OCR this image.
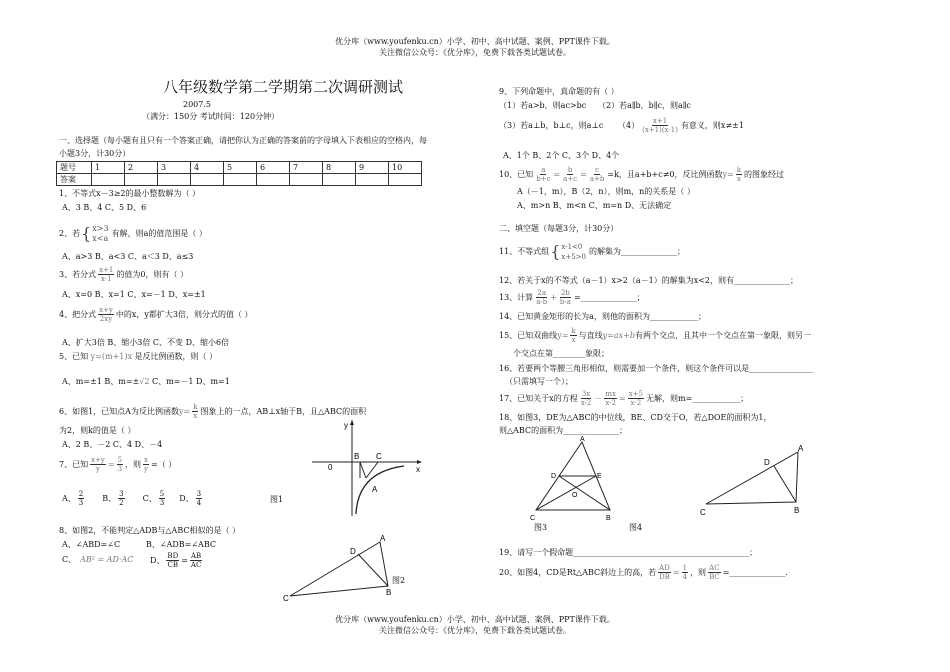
优分库（www.youfenku.cn）小学、初中、高中试题、案例、PPT课件下载。
关注微信公众号：《优分库》，免费下载各类试题试卷。
八年级数学第二学期第二次调研测试
2007.5
（满分：150分 考试时间：120分钟）
一、选择题（每小题有且只有一个答案正确，请把你认为正确的答案前的字母填入下表相应的空格内，每
小题3分，计30分）
题号	1	2	3	4	5	6	7	8	9	10
答案										
1、不等式x－3≥2的最小整数解为（ ）
A、3 B、4 C、5 D、6
2、若 { x>3
x<a
有解，则a的值范围是（ ）
A、a>3 B、a<3 C、a＜3 D、a≤3
3、若分式 $\frac{x+1}{x-1}$ 的值为0，则有（ ）
A、x=0 B、x=1 C、x=－1 D、x=±1
4、把分式 $\frac{x+y}{2xy}$ 中的x，y都扩大3倍，则分式的值（ ）
A、扩大3倍 B、缩小3倍 C、不变 D、缩小6倍
5、已知 y=(m+1)x 是反比例函数，则（ ）
A、m=±1 B、m=±√2 C、m=－1 D、m=1
6、如图1，已知点A为反比例函数 $y= \frac{k}{x}$ 图象上的一点，AB⊥x轴于B，且△ABC的面积
为2，则k的值是（ ）
A、2 B、－2 C、4 D、－4
7、已知 $\frac{x+y}{y} = \frac{5}{3}$ ，则 $\frac{x}{y}$ =（ ）
A、 $\frac{2}{3}$ B、 $\frac{3}{2}$ C、 $\frac{5}{3}$ D、 $\frac{3}{4}$
y
x
0
B C
A
图1
8、如图2，不能判定△ADB与△ABC相似的是（ ）
A、∠ABD=∠C	B、∠ADB=∠ABC
C、 AB² = AD·AC D、 $\frac{BD}{CB} = \frac{AB}{AC}$
A
D
C
B
图2
9、下列命题中，真命题的有（ ）
（1）若a>b，则ac>bc （2）若a∥b，b∥c，则a∥c
（3）若a⊥b，b⊥c，则a⊥c $(4) \frac{x+1}{(x+1)(x-1)}$ 有意义，则x≠±1
A、1个 B、2个 C、3个 D、4个
10、已知 $\frac{a}{b+c} = \frac{b}{a+c} = \frac{c}{a+b} =k$，且a+b+c≠0，反比例函数 $y= \frac{k}{x}$ 的图象经过
A（－1，m），B（2，n），则m，n的关系是（ ）
A、m>n B、m<n C、m=n D、无法确定
二、填空题（每题3分，计30分）
11、不等式组 { x-1<0
x+5>0
的解集为______________；
12、若关于x的不等式（a－1）x>2（a－1）的解集为x<2，则有______________；
13、计算 $\frac{2a}{a-b} + \frac{2b}{b-a}$ =______________；
14、已知黄金矩形的长为a，则他的面积为____________；
15、已知双曲线 $y= \frac{k}{x}$ 与直线 y=ax+b 有两个交点，且其中一个交点在第一象限，则另一
个交点在第________象限；
16、若要两个等腰三角形相似，则需要加一个条件，则这个条件可以是________________
（只需填写一个）；
17、已知关于x的方程 $\frac{3x}{x-2} - \frac{mx}{x-2} = \frac{x+5}{x-2}$ 无解，则m=____________；
18、如图3，DE为△ABC的中位线，BE、CD交于O，若△DOE的面积为1，
则△ABC的面积为______________；
A
D	E
O
C	B
图3	图4
A
D
C	B
19、请写一个假命题____________________________________________；
20、如图4，CD是Rt△ABC斜边上的高，若 $\frac{AD}{DB} = \frac{1}{4}$ ，则 $\frac{AC}{BC}$ =______________.
优分库（www.youfenku.cn）小学、初中、高中试题、案例、PPT课件下载。
关注微信公众号：《优分库》，免费下载各类试题试卷。
